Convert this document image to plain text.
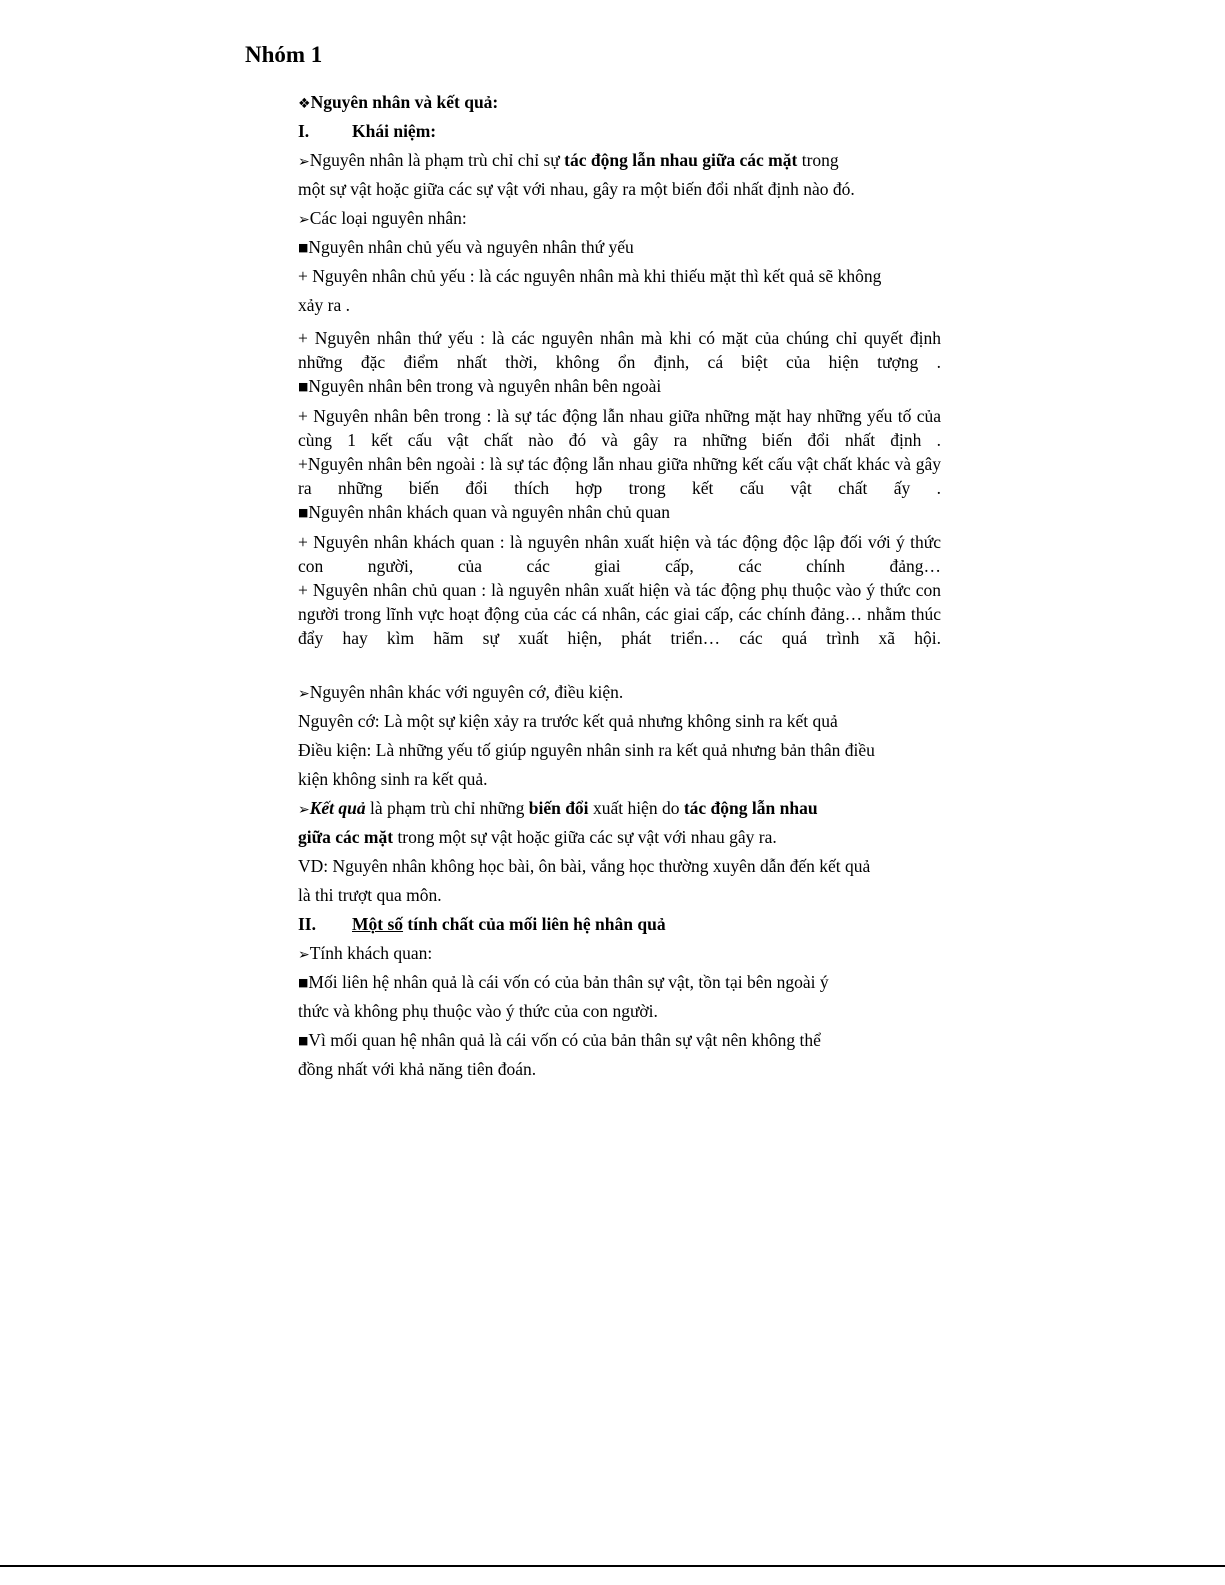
Nhóm 1

❖Nguyên nhân và kết quả:

I. Khái niệm:

➢Nguyên nhân là phạm trù chỉ chỉ sự tác động lẫn nhau giữa các mặt trong

một sự vật hoặc giữa các sự vật với nhau, gây ra một biến đổi nhất định nào đó.

➢Các loại nguyên nhân:

■Nguyên nhân chủ yếu và nguyên nhân thứ yếu

+ Nguyên nhân chủ yếu : là các nguyên nhân mà khi thiếu mặt thì kết quả sẽ không

xảy ra .

+ Nguyên nhân thứ yếu : là các nguyên nhân mà khi có mặt của chúng chỉ quyết định những đặc điểm nhất thời, không ổn định, cá biệt của hiện tượng .

■Nguyên nhân bên trong và nguyên nhân bên ngoài

+ Nguyên nhân bên trong : là sự tác động lẫn nhau giữa những mặt hay những yếu tố của cùng 1 kết cấu vật chất nào đó và gây ra những biến đổi nhất định .

+Nguyên nhân bên ngoài : là sự tác động lẫn nhau giữa những kết cấu vật chất khác và gây ra những biến đổi thích hợp trong kết cấu vật chất ấy .

■Nguyên nhân khách quan và nguyên nhân chủ quan

+ Nguyên nhân khách quan : là nguyên nhân xuất hiện và tác động độc lập đối với ý thức con người, của các giai cấp, các chính đảng…

+ Nguyên nhân chủ quan : là nguyên nhân xuất hiện và tác động phụ thuộc vào ý thức con người trong lĩnh vực hoạt động của các cá nhân, các giai cấp, các chính đảng… nhằm thúc đẩy hay kìm hãm sự xuất hiện, phát triển… các quá trình xã hội.

➢Nguyên nhân khác với nguyên cớ, điều kiện.

Nguyên cớ: Là một sự kiện xảy ra trước kết quả nhưng không sinh ra kết quả

Điều kiện: Là những yếu tố giúp nguyên nhân sinh ra kết quả nhưng bản thân điều

kiện không sinh ra kết quả.

➢Kết quả là phạm trù chỉ những biến đổi xuất hiện do tác động lẫn nhau

giữa các mặt trong một sự vật hoặc giữa các sự vật với nhau gây ra.

VD: Nguyên nhân không học bài, ôn bài, vắng học thường xuyên dẫn đến kết quả

là thi trượt qua môn.

II. Một số tính chất của mối liên hệ nhân quả

➢Tính khách quan:

■Mối liên hệ nhân quả là cái vốn có của bản thân sự vật, tồn tại bên ngoài ý

thức và không phụ thuộc vào ý thức của con người.

■Vì mối quan hệ nhân quả là cái vốn có của bản thân sự vật nên không thể

đồng nhất với khả năng tiên đoán.
